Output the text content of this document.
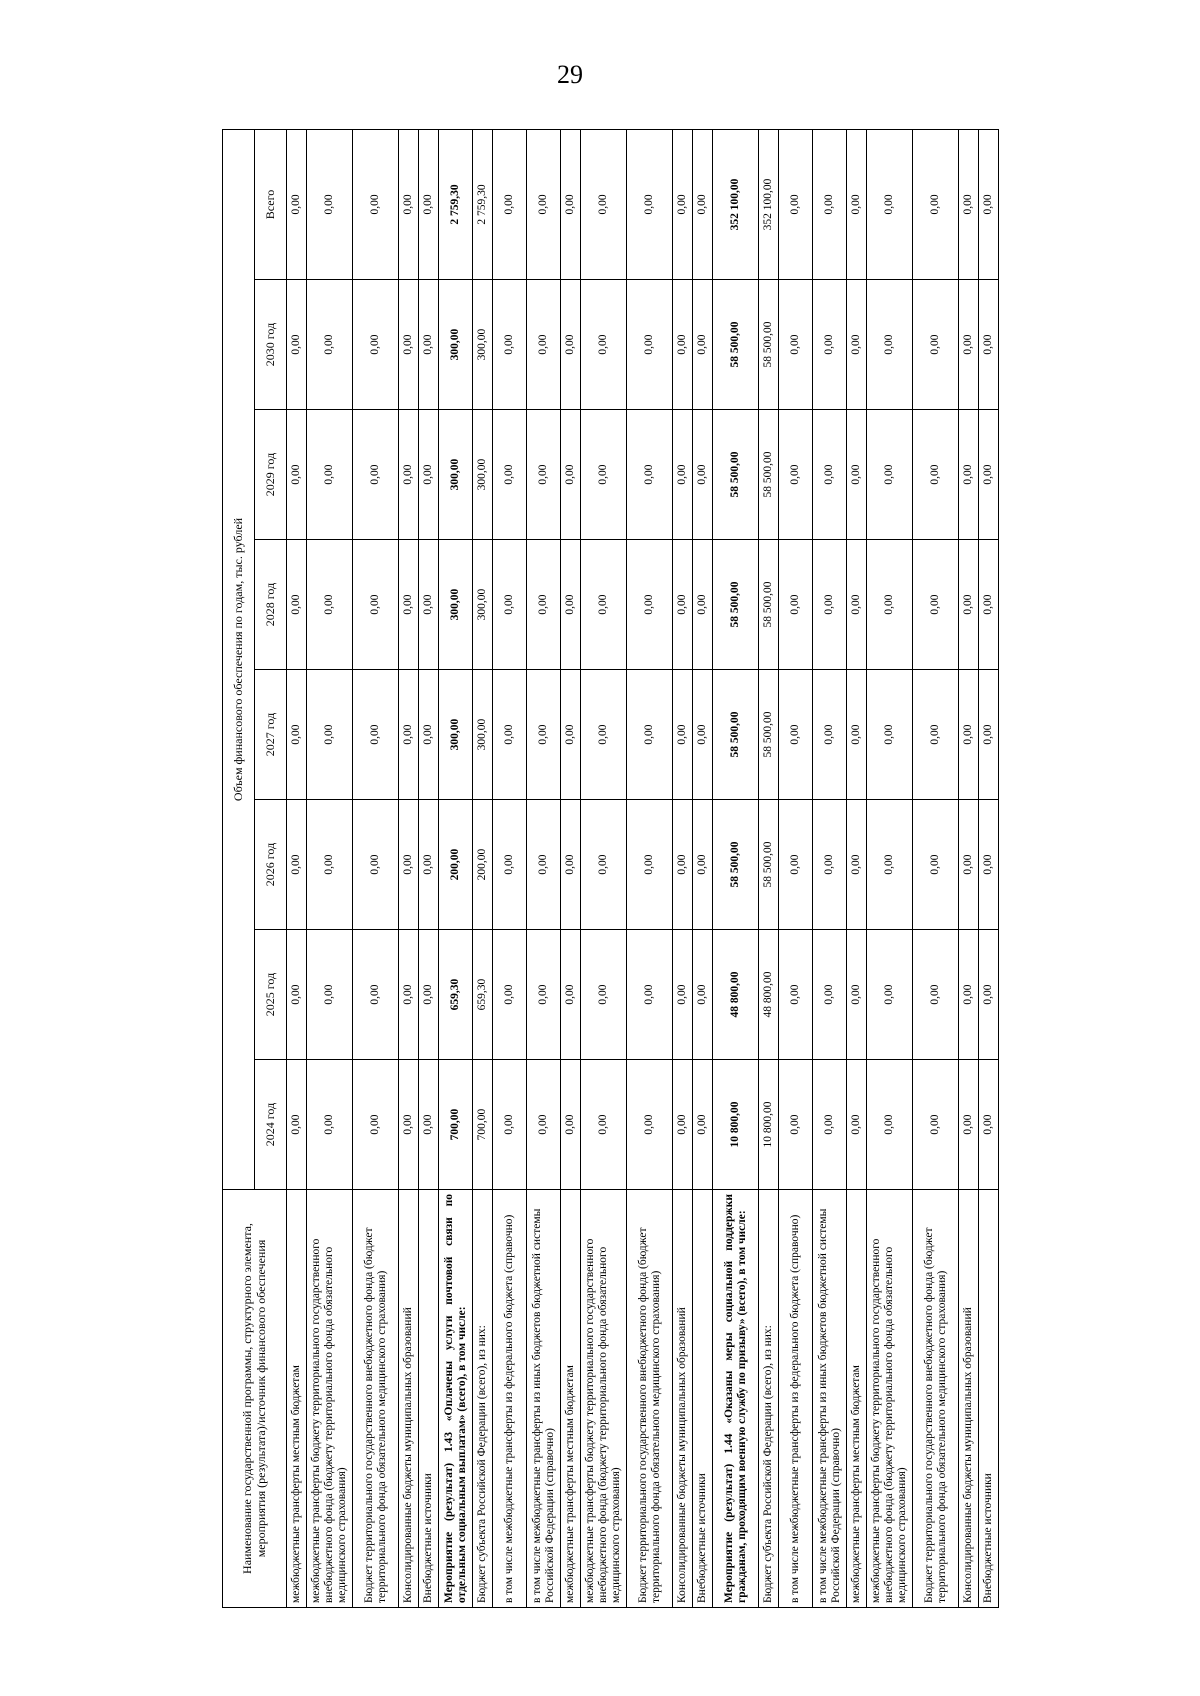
29
Наименование государственной программы, структурного элемента, мероприятия (результата)/источник финансового обеспечения	Объем финансового обеспечения по годам, тыс. рублей							
	2024 год	2025 год	2026 год	2027 год	2028 год	2029 год	2030 год	Всего
межбюджетные трансферты местным бюджетам	0,00	0,00	0,00	0,00	0,00	0,00	0,00	0,00
межбюджетные трансферты бюджету территориального государственного внебюджетного фонда (бюджету территориального фонда обязательного медицинского страхования)	0,00	0,00	0,00	0,00	0,00	0,00	0,00	0,00
Бюджет территориального государственного внебюджетного фонда (бюджет территориального фонда обязательного медицинского страхования)	0,00	0,00	0,00	0,00	0,00	0,00	0,00	0,00
Консолидированные бюджеты муниципальных образований	0,00	0,00	0,00	0,00	0,00	0,00	0,00	0,00
Внебюджетные источники	0,00	0,00	0,00	0,00	0,00	0,00	0,00	0,00
Мероприятие (результат) 1.43 «Оплачены услуги почтовой связи по отдельным социальным выплатам» (всего), в том числе:	700,00	659,30	200,00	300,00	300,00	300,00	300,00	2 759,30
Бюджет субъекта Российской Федерации (всего), из них:	700,00	659,30	200,00	300,00	300,00	300,00	300,00	2 759,30
в том числе межбюджетные трансферты из федерального бюджета (справочно)	0,00	0,00	0,00	0,00	0,00	0,00	0,00	0,00
в том числе межбюджетные трансферты из иных бюджетов бюджетной системы Российской Федерации (справочно)	0,00	0,00	0,00	0,00	0,00	0,00	0,00	0,00
межбюджетные трансферты местным бюджетам	0,00	0,00	0,00	0,00	0,00	0,00	0,00	0,00
межбюджетные трансферты бюджету территориального государственного внебюджетного фонда (бюджету территориального фонда обязательного медицинского страхования)	0,00	0,00	0,00	0,00	0,00	0,00	0,00	0,00
Бюджет территориального государственного внебюджетного фонда (бюджет территориального фонда обязательного медицинского страхования)	0,00	0,00	0,00	0,00	0,00	0,00	0,00	0,00
Консолидированные бюджеты муниципальных образований	0,00	0,00	0,00	0,00	0,00	0,00	0,00	0,00
Внебюджетные источники	0,00	0,00	0,00	0,00	0,00	0,00	0,00	0,00
Мероприятие (результат) 1.44 «Оказаны меры социальной поддержки гражданам, проходящим военную службу по призыву» (всего), в том числе:	10 800,00	48 800,00	58 500,00	58 500,00	58 500,00	58 500,00	58 500,00	352 100,00
Бюджет субъекта Российской Федерации (всего), из них:	10 800,00	48 800,00	58 500,00	58 500,00	58 500,00	58 500,00	58 500,00	352 100,00
в том числе межбюджетные трансферты из федерального бюджета (справочно)	0,00	0,00	0,00	0,00	0,00	0,00	0,00	0,00
в том числе межбюджетные трансферты из иных бюджетов бюджетной системы Российской Федерации (справочно)	0,00	0,00	0,00	0,00	0,00	0,00	0,00	0,00
межбюджетные трансферты местным бюджетам	0,00	0,00	0,00	0,00	0,00	0,00	0,00	0,00
межбюджетные трансферты бюджету территориального государственного внебюджетного фонда (бюджету территориального фонда обязательного медицинского страхования)	0,00	0,00	0,00	0,00	0,00	0,00	0,00	0,00
Бюджет территориального государственного внебюджетного фонда (бюджет территориального фонда обязательного медицинского страхования)	0,00	0,00	0,00	0,00	0,00	0,00	0,00	0,00
Консолидированные бюджеты муниципальных образований	0,00	0,00	0,00	0,00	0,00	0,00	0,00	0,00
Внебюджетные источники	0,00	0,00	0,00	0,00	0,00	0,00	0,00	0,00
